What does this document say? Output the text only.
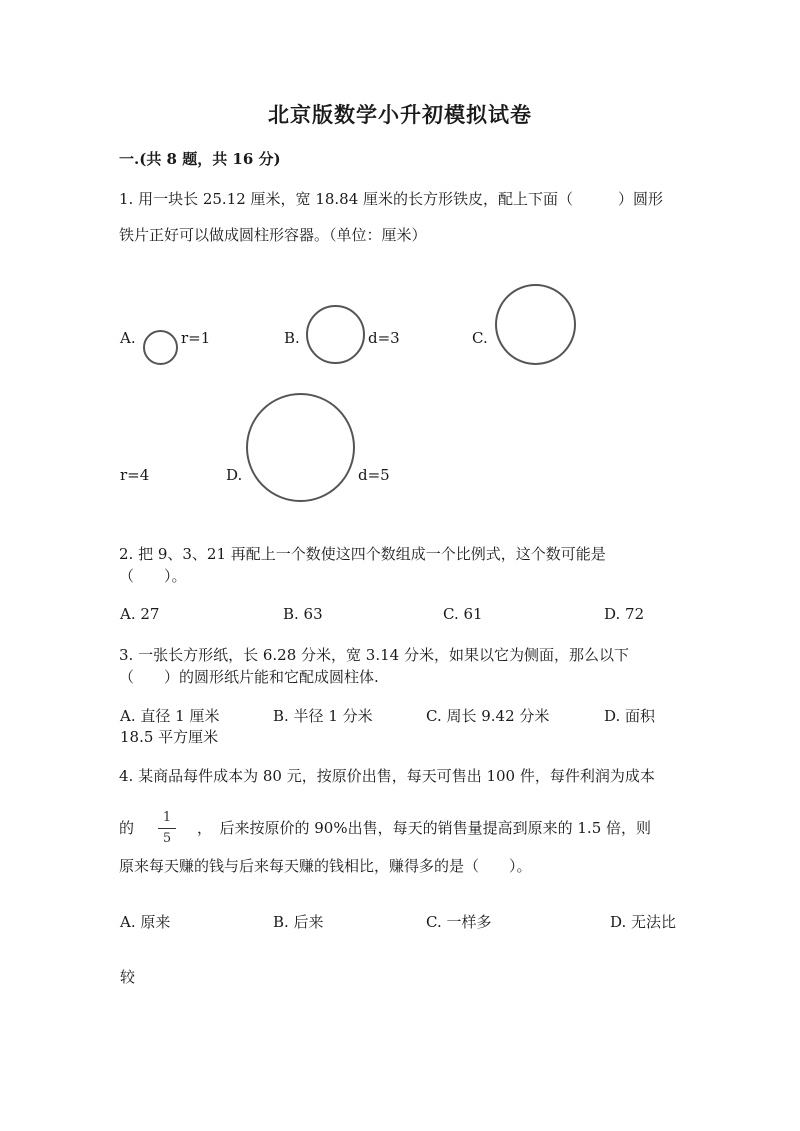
北京版数学小升初模拟试卷
一.(共 8 题，共 16 分)
1. 用一块长 25.12 厘米，宽 18.84 厘米的长方形铁皮，配上下面（　　　）圆形
铁片正好可以做成圆柱形容器。（单位：厘米）
A.	r=1	B.	d=3	C.
r=4	D.	d=5
2. 把 9、3、21 再配上一个数使这四个数组成一个比例式，这个数可能是
（　　）。
A. 27	B. 63	C. 61	D. 72
3. 一张长方形纸，长 6.28 分米，宽 3.14 分米，如果以它为侧面，那么以下
（　　）的圆形纸片能和它配成圆柱体.
A. 直径 1 厘米	B. 半径 1 分米	C. 周长 9.42 分米	D. 面积
18.5 平方厘米
4. 某商品每件成本为 80 元，按原价出售，每天可售出 100 件，每件利润为成本
的
1
5
，　后来按原价的 90%出售，每天的销售量提高到原来的 1.5 倍，则
原来每天赚的钱与后来每天赚的钱相比，赚得多的是（　　）。
A. 原来	B. 后来	C. 一样多	D. 无法比
较
